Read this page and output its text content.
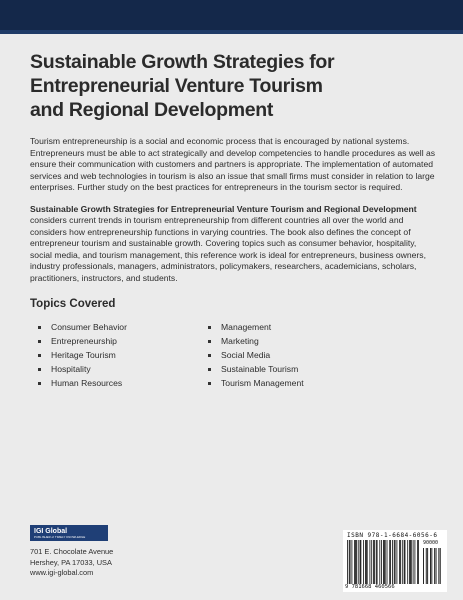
Sustainable Growth Strategies for
Entrepreneurial Venture Tourism
and Regional Development

Tourism entrepreneurship is a social and economic process that is encouraged by national systems. Entrepreneurs must be able to act strategically and develop competencies to handle procedures as well as ensure their communication with customers and partners is appropriate. The implementation of automated services and web technologies in tourism is also an issue that small firms must consider in relation to large enterprises. Further study on the best practices for entrepreneurs in the tourism sector is required.

Sustainable Growth Strategies for Entrepreneurial Venture Tourism and Regional Development considers current trends in tourism entrepreneurship from different countries all over the world and considers how entrepreneurship functions in varying countries. The book also defines the concept of entrepreneur tourism and sustainable growth. Covering topics such as consumer behavior, hospitality, social media, and tourism management, this reference work is ideal for entrepreneurs, business owners, industry professionals, managers, administrators, policymakers, researchers, academicians, scholars, practitioners, instructors, and students.

Topics Covered
Consumer Behavior
Entrepreneurship
Heritage Tourism
Hospitality
Human Resources
Management
Marketing
Social Media
Sustainable Tourism
Tourism Management
IGI Global
PUBLISHER of TIMELY KNOWLEDGE
701 E. Chocolate Avenue
Hershey, PA 17033, USA
www.igi-global.com
ISBN 978-1-6684-6056-6
90000
9 781668 460566
